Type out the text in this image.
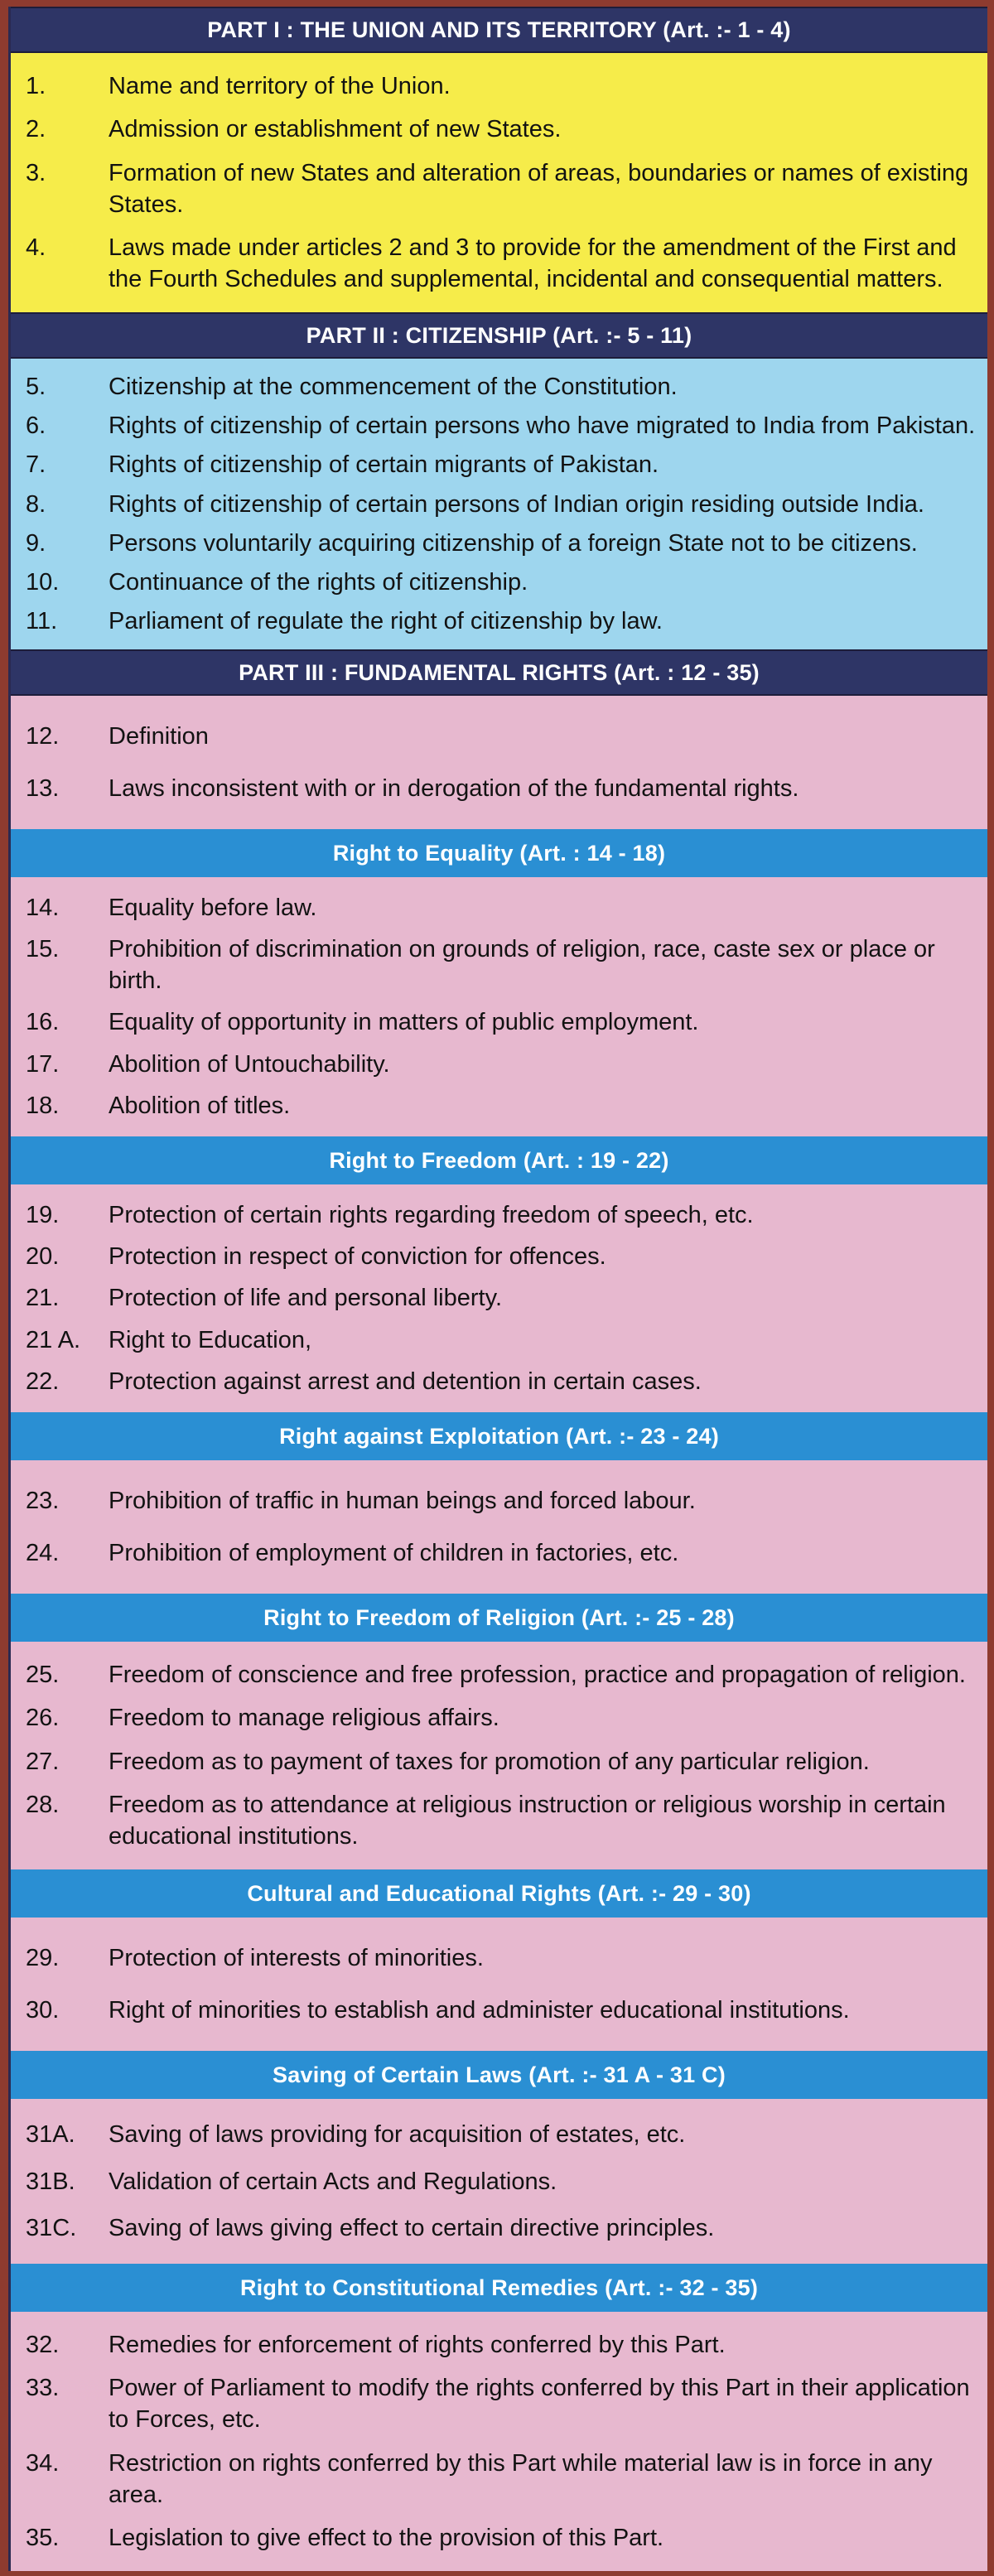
PART I : THE UNION AND ITS TERRITORY (Art. :- 1 - 4)
1.	Name and territory of the Union.
2.	Admission or establishment of new States.
3.	Formation of new States and alteration of areas, boundaries or names of existing States.
4.	Laws made under articles 2 and 3 to provide for the amendment of the First and the Fourth Schedules and supplemental, incidental and consequential matters.
PART II : CITIZENSHIP (Art. :- 5 - 11)
5.	Citizenship at the commencement of the Constitution.
6.	Rights of citizenship of certain persons who have migrated to India from Pakistan.
7.	Rights of citizenship of certain migrants of Pakistan.
8.	Rights of citizenship of certain persons of Indian origin residing outside India.
9.	Persons voluntarily acquiring citizenship of a foreign State not to be citizens.
10.	Continuance of the rights of citizenship.
11.	Parliament of regulate the right of citizenship by law.
PART III : FUNDAMENTAL RIGHTS (Art. : 12 - 35)
12.	Definition
13.	Laws inconsistent with or in derogation of the fundamental rights.
Right to Equality (Art. : 14 - 18)
14.	Equality before law.
15.	Prohibition of discrimination on grounds of religion, race, caste sex or place or birth.
16.	Equality of opportunity in matters of public employment.
17.	Abolition of Untouchability.
18.	Abolition of titles.
Right to Freedom (Art. : 19 - 22)
19.	Protection of certain rights regarding freedom of speech, etc.
20.	Protection in respect of conviction for offences.
21.	Protection of life and personal liberty.
21 A.	Right to Education,
22.	Protection against arrest and detention in certain cases.
Right against Exploitation (Art. :- 23 - 24)
23.	Prohibition of traffic in human beings and forced labour.
24.	Prohibition of employment of children in factories, etc.
Right to Freedom of Religion (Art. :- 25 - 28)
25.	Freedom of conscience and free profession, practice and propagation of religion.
26.	Freedom to manage religious affairs.
27.	Freedom as to payment of taxes for promotion of any particular religion.
28.	Freedom as to attendance at religious instruction or religious worship in certain educational institutions.
Cultural and Educational Rights (Art. :- 29 - 30)
29.	Protection of interests of minorities.
30.	Right of minorities to establish and administer educational institutions.
Saving of Certain Laws (Art. :- 31 A - 31 C)
31A.	Saving of laws providing for acquisition of estates, etc.
31B.	Validation of certain Acts and Regulations.
31C.	Saving of laws giving effect to certain directive principles.
Right to Constitutional Remedies (Art. :- 32 - 35)
32.	Remedies for enforcement of rights conferred by this Part.
33.	Power of Parliament to modify the rights conferred by this Part in their application to Forces, etc.
34.	Restriction on rights conferred by this Part while material law is in force in any area.
35.	Legislation to give effect to the provision of this Part.
